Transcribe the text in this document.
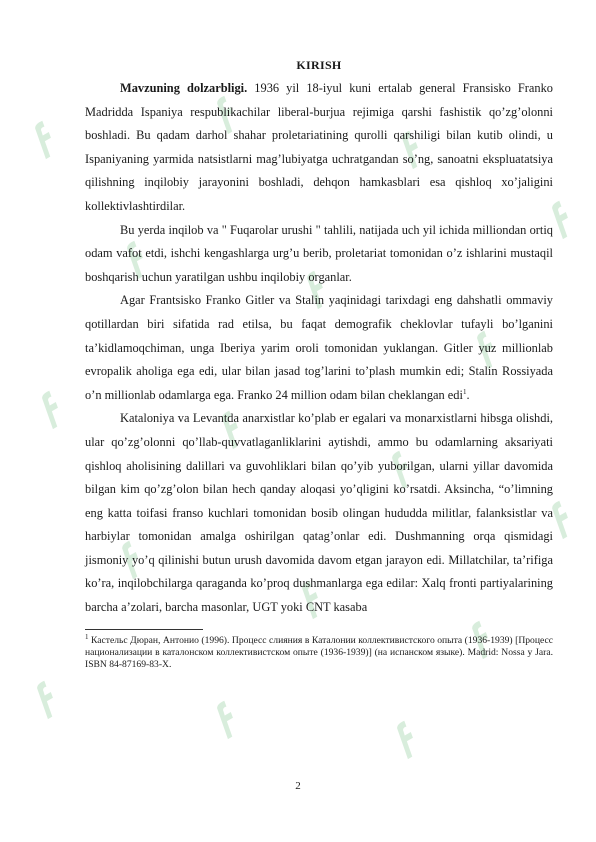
KIRISH

Mavzuning dolzarbligi. 1936 yil 18-iyul kuni ertalab general Fransisko Franko Madridda Ispaniya respublikachilar liberal-burjua rejimiga qarshi fashistik qo’zg’olonni boshladi. Bu qadam darhol shahar proletariatining qurolli qarshiligi bilan kutib olindi, u Ispaniyaning yarmida natsistlarni mag’lubiyatga uchratgandan so’ng, sanoatni ekspluatatsiya qilishning inqilobiy jarayonini boshladi, dehqon hamkasblari esa qishloq xo’jaligini kollektivlashtirdilar.

Bu yerda inqilob va " Fuqarolar urushi " tahlili, natijada uch yil ichida milliondan ortiq odam vafot etdi, ishchi kengashlarga urg’u berib, proletariat tomonidan o’z ishlarini mustaqil boshqarish uchun yaratilgan ushbu inqilobiy organlar.

Agar Frantsisko Franko Gitler va Stalin yaqinidagi tarixdagi eng dahshatli ommaviy qotillardan biri sifatida rad etilsa, bu faqat demografik cheklovlar tufayli bo’lganini ta’kidlamoqchiman, unga Iberiya yarim oroli tomonidan yuklangan. Gitler yuz millionlab evropalik aholiga ega edi, ular bilan jasad tog’larini to’plash mumkin edi; Stalin Rossiyada o’n millionlab odamlarga ega. Franko 24 million odam bilan cheklangan edi$^1$.

Kataloniya va Levantda anarxistlar ko’plab er egalari va monarxistlarni hibsga olishdi, ular qo’zg’olonni qo’llab-quvvatlaganliklarini aytishdi, ammo bu odamlarning aksariyati qishloq aholisining dalillari va guvohliklari bilan qo’yib yuborilgan, ularni yillar davomida bilgan kim qo’zg’olon bilan hech qanday aloqasi yo’qligini ko’rsatdi. Aksincha, “o’limning eng katta toifasi franso kuchlari tomonidan bosib olingan hududda militlar, falanksistlar va harbiylar tomonidan amalga oshirilgan qatag’onlar edi. Dushmanning orqa qismidagi jismoniy yo’q qilinishi butun urush davomida davom etgan jarayon edi. Millatchilar, ta’rifiga ko’ra, inqilobchilarga qaraganda ko’proq dushmanlarga ega edilar: Xalq fronti partiyalarining barcha a’zolari, barcha masonlar, UGT yoki CNT kasaba

$^1$ Кастельс Дюран, Антонио (1996). Процесс слияния в Каталонии коллективистского опыта (1936-1939) [Процесс национализации в каталонском коллективистском опыте (1936-1939)] (на испанском языке). Madrid: Nossa y Jara. ISBN 84-87169-83-X.

2
